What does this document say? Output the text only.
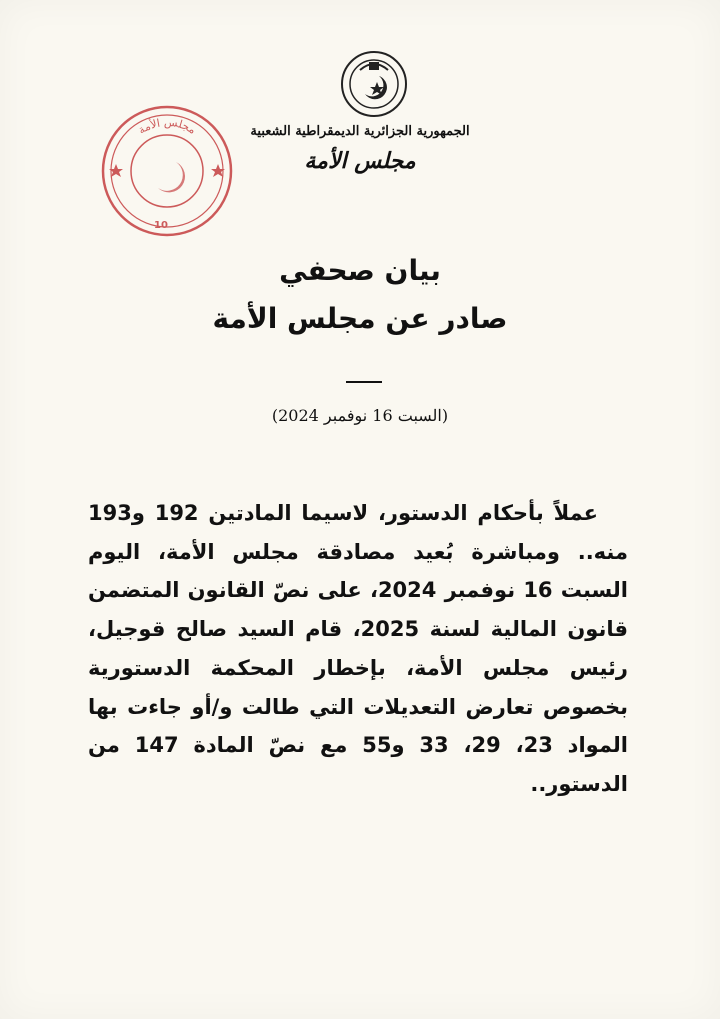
الجمهورية الجزائرية الديمقراطية الشعبية
مجلس الأمة
مجلس الأمة
10
بيان صحفي
صادر عن مجلس الأمة
(السبت 16 نوفمبر 2024)

عملاً بأحكام الدستور، لاسيما المادتين 192 و193 منه.. ومباشرة بُعيد مصادقة مجلس الأمة، اليوم السبت 16 نوفمبر 2024، على نصّ القانون المتضمن قانون المالية لسنة 2025، قام السيد صالح قوجيل، رئيس مجلس الأمة، بإخطار المحكمة الدستورية بخصوص تعارض التعديلات التي طالت و/أو جاءت بها المواد 23، 29، 33 و55 مع نصّ المادة 147 من الدستور..
